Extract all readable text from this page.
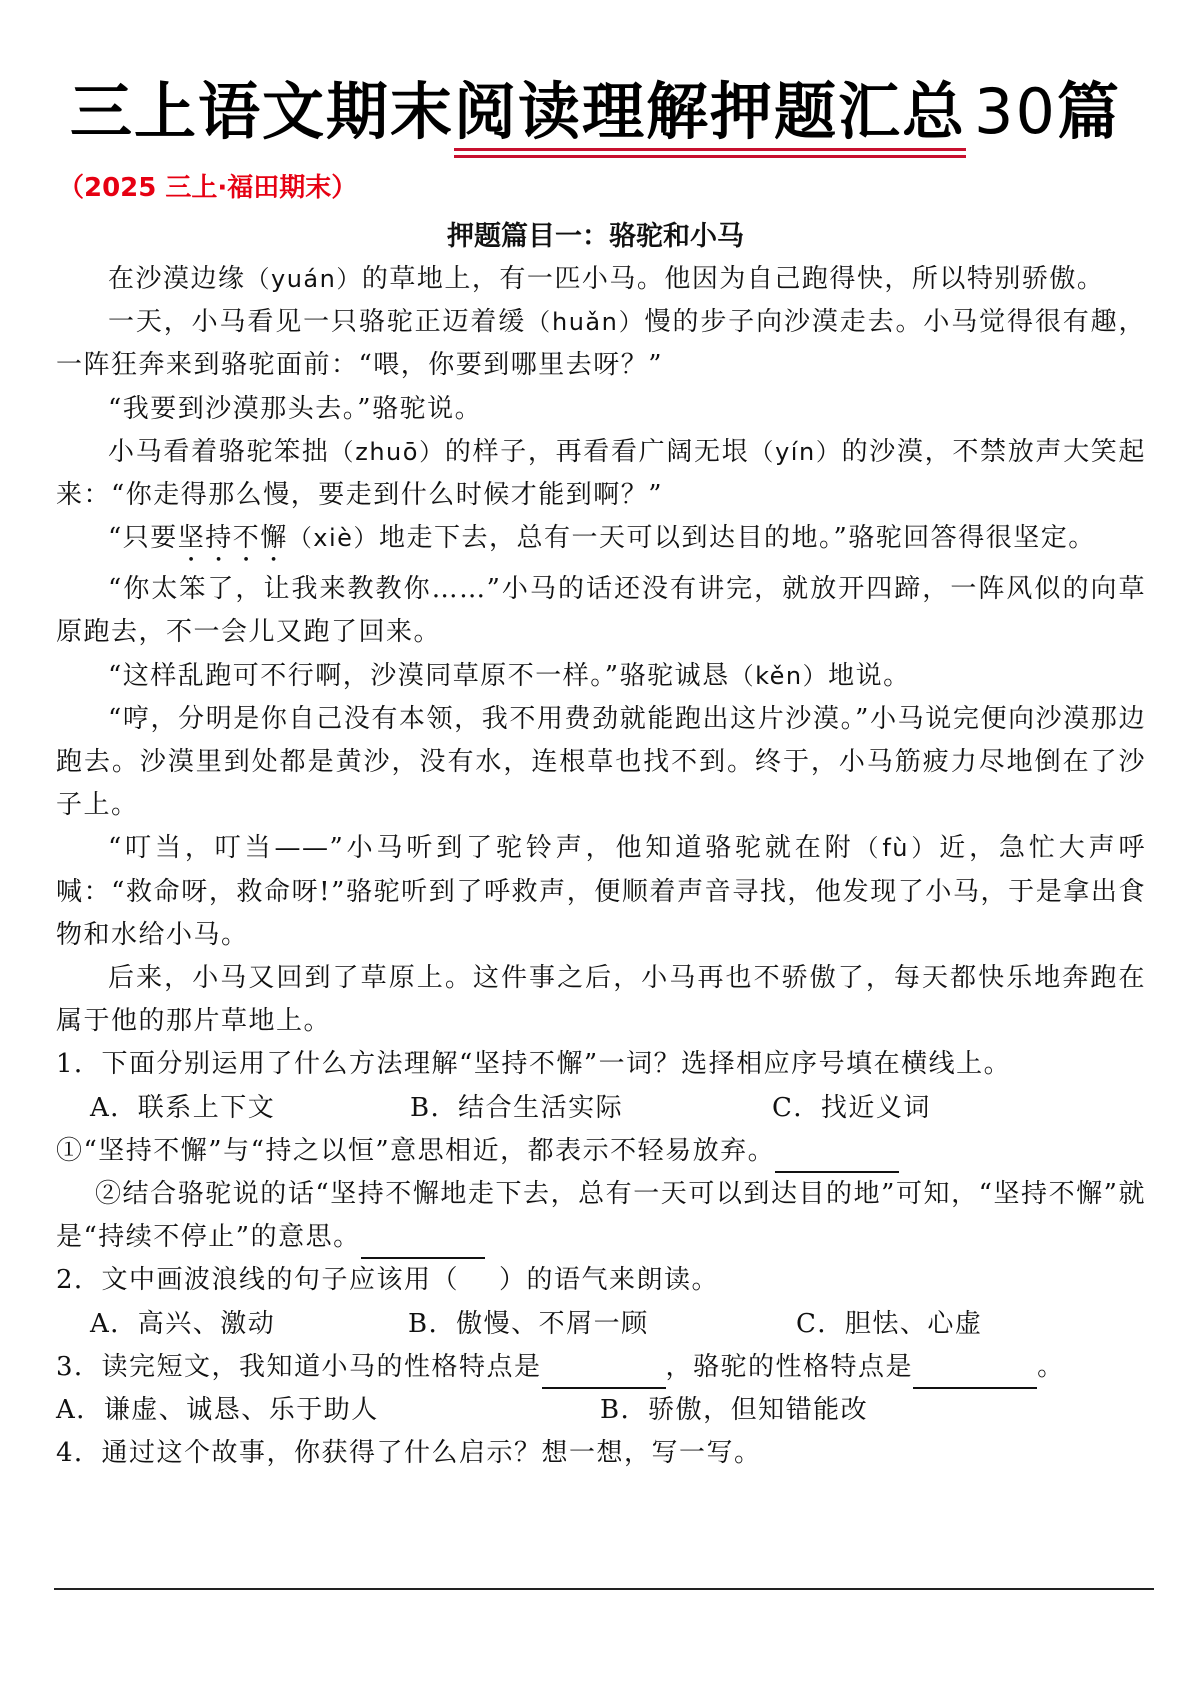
三上语文期末阅读理解押题汇总 30篇
（2025 三上·福田期末）
押题篇目一：骆驼和小马

在沙漠边缘（yuán）的草地上，有一匹小马。他因为自己跑得快，所以特别骄傲。

一天，小马看见一只骆驼正迈着缓（huǎn）慢的步子向沙漠走去。小马觉得很有趣，一阵狂奔来到骆驼面前：“喂，你要到哪里去呀？”

“我要到沙漠那头去。”骆驼说。

小马看着骆驼笨拙（zhuō）的样子，再看看广阔无垠（yín）的沙漠，不禁放声大笑起来：“你走得那么慢，要走到什么时候才能到啊？”

“只要坚持不懈（xiè）地走下去，总有一天可以到达目的地。”骆驼回答得很坚定。

“你太笨了，让我来教教你……”小马的话还没有讲完，就放开四蹄，一阵风似的向草原跑去，不一会儿又跑了回来。

“这样乱跑可不行啊，沙漠同草原不一样。”骆驼诚恳（kěn）地说。

“哼，分明是你自己没有本领，我不用费劲就能跑出这片沙漠。”小马说完便向沙漠那边跑去。沙漠里到处都是黄沙，没有水，连根草也找不到。终于，小马筋疲力尽地倒在了沙子上。

“叮当，叮当——”小马听到了驼铃声，他知道骆驼就在附（fù）近，急忙大声呼喊：“救命呀，救命呀!”骆驼听到了呼救声，便顺着声音寻找，他发现了小马，于是拿出食物和水给小马。

后来，小马又回到了草原上。这件事之后，小马再也不骄傲了，每天都快乐地奔跑在属于他的那片草地上。

1．下面分别运用了什么方法理解“坚持不懈”一词？选择相应序号填在横线上。

A．联系上下文	B．结合生活实际	C．找近义词

①“坚持不懈”与“持之以恒”意思相近，都表示不轻易放弃。

②结合骆驼说的话“坚持不懈地走下去，总有一天可以到达目的地”可知，“坚持不懈”就是“持续不停止”的意思。

2．文中画波浪线的句子应该用（ ）的语气来朗读。

A．高兴、激动	B．傲慢、不屑一顾	C．胆怯、心虚

3．读完短文，我知道小马的性格特点是	，骆驼的性格特点是	。

A．谦虚、诚恳、乐于助人	B．骄傲，但知错能改

4．通过这个故事，你获得了什么启示？想一想，写一写。
